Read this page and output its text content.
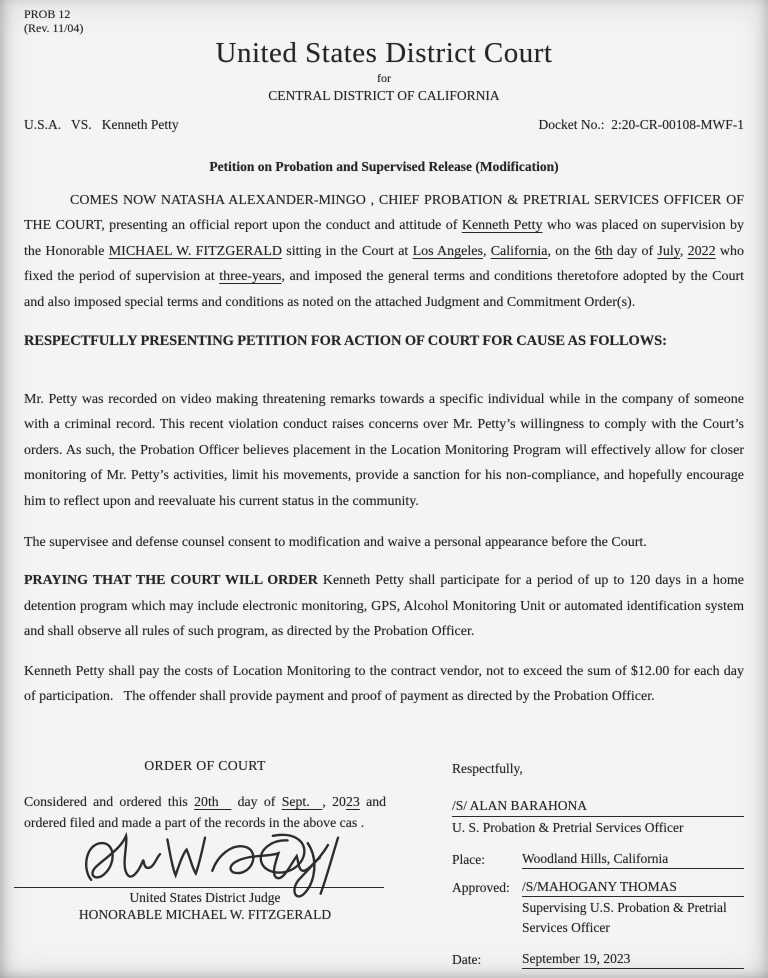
PROB 12
(Rev. 11/04)
United States District Court
for
CENTRAL DISTRICT OF CALIFORNIA
U.S.A.   VS.   Kenneth Petty	Docket No.: 2:20-CR-00108-MWF-1
Petition on Probation and Supervised Release (Modification)

COMES NOW NATASHA ALEXANDER-MINGO , CHIEF PROBATION & PRETRIAL SERVICES OFFICER OF THE COURT, presenting an official report upon the conduct and attitude of Kenneth Petty who was placed on supervision by the Honorable MICHAEL W. FITZGERALD sitting in the Court at Los Angeles, California, on the 6th day of July, 2022 who fixed the period of supervision at three-years, and imposed the general terms and conditions theretofore adopted by the Court and also imposed special terms and conditions as noted on the attached Judgment and Commitment Order(s).

RESPECTFULLY PRESENTING PETITION FOR ACTION OF COURT FOR CAUSE AS FOLLOWS:

Mr. Petty was recorded on video making threatening remarks towards a specific individual while in the company of someone with a criminal record. This recent violation conduct raises concerns over Mr. Petty’s willingness to comply with the Court’s orders. As such, the Probation Officer believes placement in the Location Monitoring Program will effectively allow for closer monitoring of Mr. Petty’s activities, limit his movements, provide a sanction for his non-compliance, and hopefully encourage him to reflect upon and reevaluate his current status in the community.

The supervisee and defense counsel consent to modification and waive a personal appearance before the Court.

PRAYING THAT THE COURT WILL ORDER Kenneth Petty shall participate for a period of up to 120 days in a home detention program which may include electronic monitoring, GPS, Alcohol Monitoring Unit or automated identification system and shall observe all rules of such program, as directed by the Probation Officer.

Kenneth Petty shall pay the costs of Location Monitoring to the contract vendor, not to exceed the sum of $12.00 for each day of participation.   The offender shall provide payment and proof of payment as directed by the Probation Officer.

ORDER OF COURT

Considered and ordered this 20th   day of Sept.  , 2023 and ordered filed and made a part of the records in the above cas .

United States District Judge
HONORABLE MICHAEL W. FITZGERALD
Respectfully,
/S/ ALAN BARAHONA
U. S. Probation & Pretrial Services Officer
Place:	Woodland Hills, California
Approved: /S/MAHOGANY THOMAS
Supervising U.S. Probation & Pretrial
Services Officer
Date:	September 19, 2023
